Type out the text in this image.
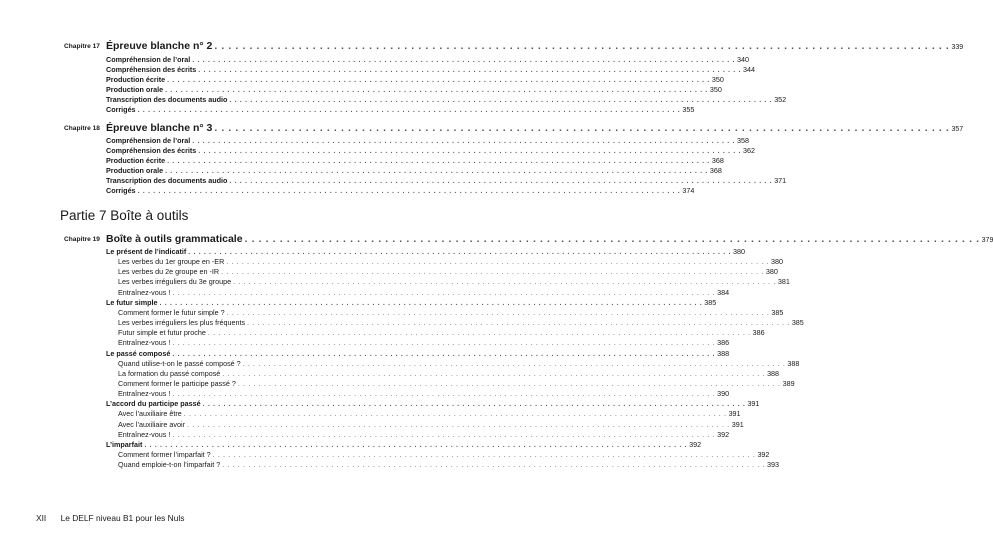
Chapitre 17 Épreuve blanche n° 2 . . . . . . . . . . . . . . . . . . . . . . . . . . . . . . . . . . . . . . . . . . . . . . . . . . . . . . . . . . . . . . . . . . . . . . . . . . . . . . . . . . . . . . . . . . . . . . . . . . . . . . . . . 339
Compréhension de l’oral . . . . . . . . . . . . . . . . . . . . . . . . . . . . . . . . . . . . . . . . . . . . . . . . . . . . . . . . . . . . . . . . . . . . . . . . . . . . . . . . . . . . . . . . . . . . . . . . . . . . . . . . . 340
Compréhension des écrits . . . . . . . . . . . . . . . . . . . . . . . . . . . . . . . . . . . . . . . . . . . . . . . . . . . . . . . . . . . . . . . . . . . . . . . . . . . . . . . . . . . . . . . . . . . . . . . . . . . . . . . . . 344
Production écrite . . . . . . . . . . . . . . . . . . . . . . . . . . . . . . . . . . . . . . . . . . . . . . . . . . . . . . . . . . . . . . . . . . . . . . . . . . . . . . . . . . . . . . . . . . . . . . . . . . . . . . . . . 350
Production orale . . . . . . . . . . . . . . . . . . . . . . . . . . . . . . . . . . . . . . . . . . . . . . . . . . . . . . . . . . . . . . . . . . . . . . . . . . . . . . . . . . . . . . . . . . . . . . . . . . . . . . . . . 350
Transcription des documents audio . . . . . . . . . . . . . . . . . . . . . . . . . . . . . . . . . . . . . . . . . . . . . . . . . . . . . . . . . . . . . . . . . . . . . . . . . . . . . . . . . . . . . . . . . . . . . . . . . . . . . . . . . 352
Corrigés . . . . . . . . . . . . . . . . . . . . . . . . . . . . . . . . . . . . . . . . . . . . . . . . . . . . . . . . . . . . . . . . . . . . . . . . . . . . . . . . . . . . . . . . . . . . . . . . . . . . . . . . . 355
Chapitre 18 Épreuve blanche n° 3 . . . . . . . . . . . . . . . . . . . . . . . . . . . . . . . . . . . . . . . . . . . . . . . . . . . . . . . . . . . . . . . . . . . . . . . . . . . . . . . . . . . . . . . . . . . . . . . . . . . . . . . . . 357
Compréhension de l’oral . . . . . . . . . . . . . . . . . . . . . . . . . . . . . . . . . . . . . . . . . . . . . . . . . . . . . . . . . . . . . . . . . . . . . . . . . . . . . . . . . . . . . . . . . . . . . . . . . . . . . . . . . 358
Compréhension des écrits . . . . . . . . . . . . . . . . . . . . . . . . . . . . . . . . . . . . . . . . . . . . . . . . . . . . . . . . . . . . . . . . . . . . . . . . . . . . . . . . . . . . . . . . . . . . . . . . . . . . . . . . . 362
Production écrite . . . . . . . . . . . . . . . . . . . . . . . . . . . . . . . . . . . . . . . . . . . . . . . . . . . . . . . . . . . . . . . . . . . . . . . . . . . . . . . . . . . . . . . . . . . . . . . . . . . . . . . . . 368
Production orale . . . . . . . . . . . . . . . . . . . . . . . . . . . . . . . . . . . . . . . . . . . . . . . . . . . . . . . . . . . . . . . . . . . . . . . . . . . . . . . . . . . . . . . . . . . . . . . . . . . . . . . . . 368
Transcription des documents audio . . . . . . . . . . . . . . . . . . . . . . . . . . . . . . . . . . . . . . . . . . . . . . . . . . . . . . . . . . . . . . . . . . . . . . . . . . . . . . . . . . . . . . . . . . . . . . . . . . . . . . . . . 371
Corrigés . . . . . . . . . . . . . . . . . . . . . . . . . . . . . . . . . . . . . . . . . . . . . . . . . . . . . . . . . . . . . . . . . . . . . . . . . . . . . . . . . . . . . . . . . . . . . . . . . . . . . . . . . 374
Chapitre 19 Boîte à outils grammaticale . . . . . . . . . . . . . . . . . . . . . . . . . . . . . . . . . . . . . . . . . . . . . . . . . . . . . . . . . . . . . . . . . . . . . . . . . . . . . . . . . . . . . . . . . . . . . . . . . . . . . . . . . 379
Le présent de l’indicatif . . . . . . . . . . . . . . . . . . . . . . . . . . . . . . . . . . . . . . . . . . . . . . . . . . . . . . . . . . . . . . . . . . . . . . . . . . . . . . . . . . . . . . . . . . . . . . . . . . . . . . . . . 380
Les verbes du 1er groupe en -ER . . . . . . . . . . . . . . . . . . . . . . . . . . . . . . . . . . . . . . . . . . . . . . . . . . . . . . . . . . . . . . . . . . . . . . . . . . . . . . . . . . . . . . . . . . . . . . . . . . . . . . . . . 380
Les verbes du 2e groupe en -IR . . . . . . . . . . . . . . . . . . . . . . . . . . . . . . . . . . . . . . . . . . . . . . . . . . . . . . . . . . . . . . . . . . . . . . . . . . . . . . . . . . . . . . . . . . . . . . . . . . . . . . . . . 380
Les verbes irréguliers du 3e groupe . . . . . . . . . . . . . . . . . . . . . . . . . . . . . . . . . . . . . . . . . . . . . . . . . . . . . . . . . . . . . . . . . . . . . . . . . . . . . . . . . . . . . . . . . . . . . . . . . . . . . . . . . 381
Entraînez-vous ! . . . . . . . . . . . . . . . . . . . . . . . . . . . . . . . . . . . . . . . . . . . . . . . . . . . . . . . . . . . . . . . . . . . . . . . . . . . . . . . . . . . . . . . . . . . . . . . . . . . . . . . . . 384
Le futur simple . . . . . . . . . . . . . . . . . . . . . . . . . . . . . . . . . . . . . . . . . . . . . . . . . . . . . . . . . . . . . . . . . . . . . . . . . . . . . . . . . . . . . . . . . . . . . . . . . . . . . . . . . 385
Comment former le futur simple ? . . . . . . . . . . . . . . . . . . . . . . . . . . . . . . . . . . . . . . . . . . . . . . . . . . . . . . . . . . . . . . . . . . . . . . . . . . . . . . . . . . . . . . . . . . . . . . . . . . . . . . . . . 385
Les verbes irréguliers les plus fréquents . . . . . . . . . . . . . . . . . . . . . . . . . . . . . . . . . . . . . . . . . . . . . . . . . . . . . . . . . . . . . . . . . . . . . . . . . . . . . . . . . . . . . . . . . . . . . . . . . . . . . . . . . 385
Futur simple et futur proche . . . . . . . . . . . . . . . . . . . . . . . . . . . . . . . . . . . . . . . . . . . . . . . . . . . . . . . . . . . . . . . . . . . . . . . . . . . . . . . . . . . . . . . . . . . . . . . . . . . . . . . . . 386
Entraînez-vous ! . . . . . . . . . . . . . . . . . . . . . . . . . . . . . . . . . . . . . . . . . . . . . . . . . . . . . . . . . . . . . . . . . . . . . . . . . . . . . . . . . . . . . . . . . . . . . . . . . . . . . . . . . 386
Le passé composé . . . . . . . . . . . . . . . . . . . . . . . . . . . . . . . . . . . . . . . . . . . . . . . . . . . . . . . . . . . . . . . . . . . . . . . . . . . . . . . . . . . . . . . . . . . . . . . . . . . . . . . . . 388
Quand utilise-t-on le passé composé ? . . . . . . . . . . . . . . . . . . . . . . . . . . . . . . . . . . . . . . . . . . . . . . . . . . . . . . . . . . . . . . . . . . . . . . . . . . . . . . . . . . . . . . . . . . . . . . . . . . . . . . . . . 388
La formation du passé composé . . . . . . . . . . . . . . . . . . . . . . . . . . . . . . . . . . . . . . . . . . . . . . . . . . . . . . . . . . . . . . . . . . . . . . . . . . . . . . . . . . . . . . . . . . . . . . . . . . . . . . . . . 388
Comment former le participe passé ? . . . . . . . . . . . . . . . . . . . . . . . . . . . . . . . . . . . . . . . . . . . . . . . . . . . . . . . . . . . . . . . . . . . . . . . . . . . . . . . . . . . . . . . . . . . . . . . . . . . . . . . . . 389
Entraînez-vous ! . . . . . . . . . . . . . . . . . . . . . . . . . . . . . . . . . . . . . . . . . . . . . . . . . . . . . . . . . . . . . . . . . . . . . . . . . . . . . . . . . . . . . . . . . . . . . . . . . . . . . . . . . 390
L’accord du participe passé . . . . . . . . . . . . . . . . . . . . . . . . . . . . . . . . . . . . . . . . . . . . . . . . . . . . . . . . . . . . . . . . . . . . . . . . . . . . . . . . . . . . . . . . . . . . . . . . . . . . . . . . . 391
Avec l’auxiliaire être . . . . . . . . . . . . . . . . . . . . . . . . . . . . . . . . . . . . . . . . . . . . . . . . . . . . . . . . . . . . . . . . . . . . . . . . . . . . . . . . . . . . . . . . . . . . . . . . . . . . . . . . . 391
Avec l’auxiliaire avoir . . . . . . . . . . . . . . . . . . . . . . . . . . . . . . . . . . . . . . . . . . . . . . . . . . . . . . . . . . . . . . . . . . . . . . . . . . . . . . . . . . . . . . . . . . . . . . . . . . . . . . . . . 391
Entraînez-vous ! . . . . . . . . . . . . . . . . . . . . . . . . . . . . . . . . . . . . . . . . . . . . . . . . . . . . . . . . . . . . . . . . . . . . . . . . . . . . . . . . . . . . . . . . . . . . . . . . . . . . . . . . . 392
L’imparfait . . . . . . . . . . . . . . . . . . . . . . . . . . . . . . . . . . . . . . . . . . . . . . . . . . . . . . . . . . . . . . . . . . . . . . . . . . . . . . . . . . . . . . . . . . . . . . . . . . . . . . . . . 392
Comment former l’imparfait ? . . . . . . . . . . . . . . . . . . . . . . . . . . . . . . . . . . . . . . . . . . . . . . . . . . . . . . . . . . . . . . . . . . . . . . . . . . . . . . . . . . . . . . . . . . . . . . . . . . . . . . . . . 392
Quand emploie-t-on l’imparfait ? . . . . . . . . . . . . . . . . . . . . . . . . . . . . . . . . . . . . . . . . . . . . . . . . . . . . . . . . . . . . . . . . . . . . . . . . . . . . . . . . . . . . . . . . . . . . . . . . . . . . . . . . . 393
Partie 7 Boîte à outils
XII Le DELF niveau B1 pour les Nuls
